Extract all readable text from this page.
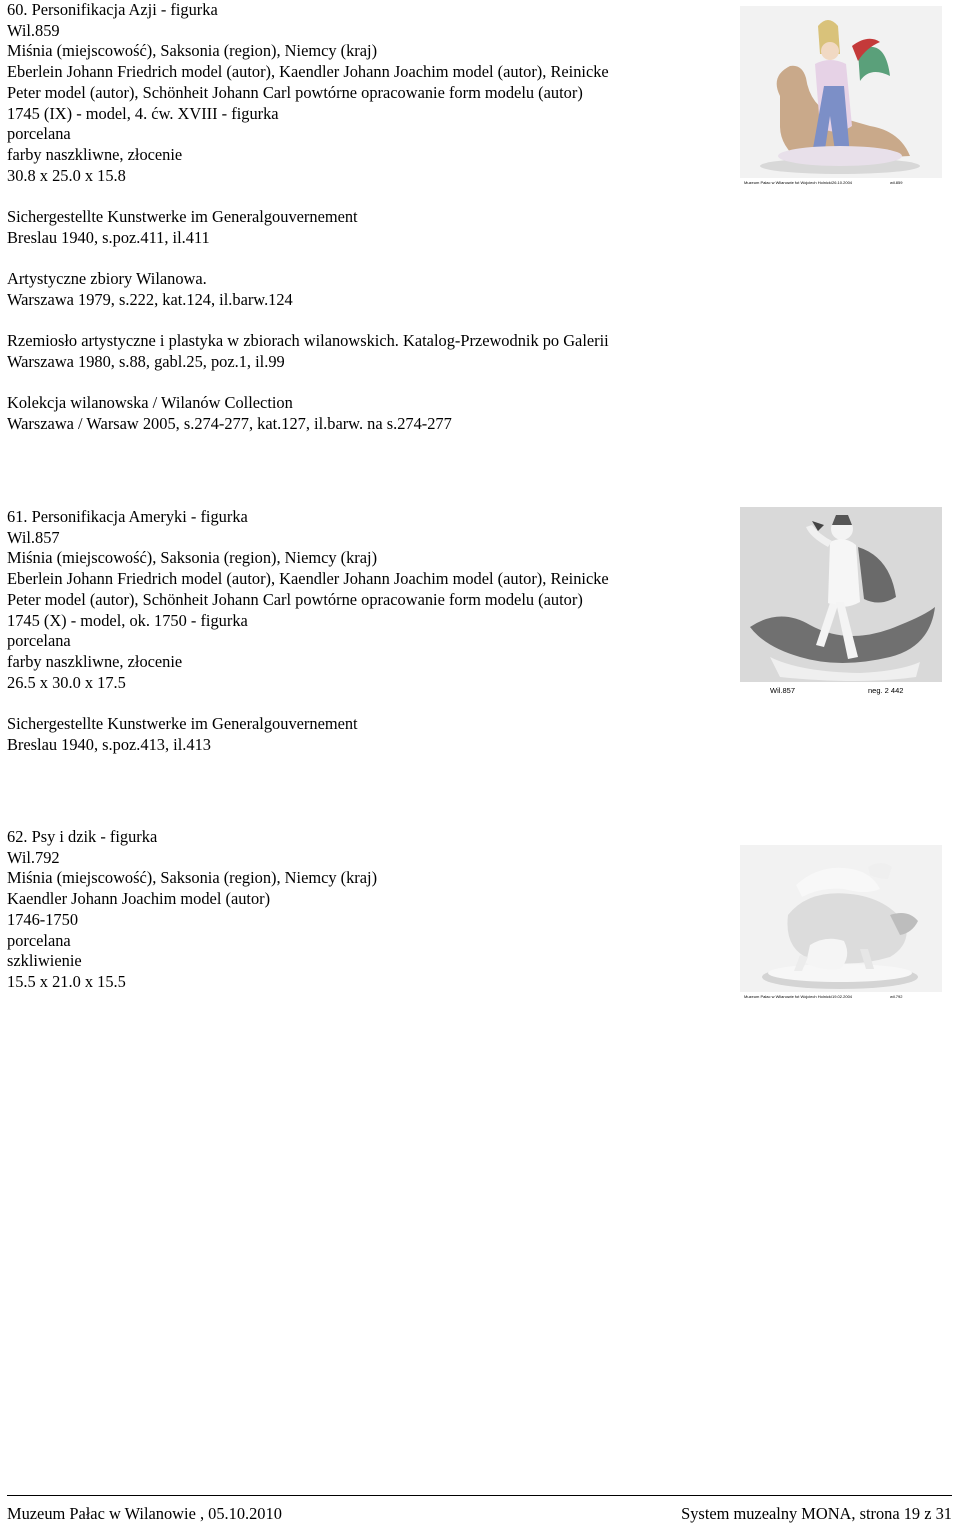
60. Personifikacja Azji - figurka
Wil.859
Miśnia (miejscowość), Saksonia (region), Niemcy (kraj)
Eberlein Johann Friedrich model (autor), Kaendler Johann Joachim model (autor), Reinicke
Peter model (autor), Schönheit Johann Carl powtórne opracowanie form modelu (autor)
1745 (IX) - model, 4. ćw. XVIII - figurka
porcelana
farby naszkliwne, złocenie
30.8 x 25.0 x 15.8
Sichergestellte Kunstwerke im Generalgouvernement
Breslau 1940, s.poz.411, il.411
Artystyczne zbiory Wilanowa.
Warszawa 1979, s.222, kat.124, il.barw.124
Rzemiosło artystyczne i plastyka w zbiorach wilanowskich. Katalog-Przewodnik po Galerii
Warszawa 1980, s.88, gabl.25, poz.1, il.99
Kolekcja wilanowska / Wilanów Collection
Warszawa / Warsaw 2005, s.274-277, kat.127, il.barw. na s.274-277
Muzeum Pałac w Wilanowie fot Wojciech Holnicki 26.10.2004	wil.859
61. Personifikacja Ameryki - figurka
Wil.857
Miśnia (miejscowość), Saksonia (region), Niemcy (kraj)
Eberlein Johann Friedrich model (autor), Kaendler Johann Joachim model (autor), Reinicke
Peter model (autor), Schönheit Johann Carl powtórne opracowanie form modelu (autor)
1745 (X) - model, ok. 1750 - figurka
porcelana
farby naszkliwne, złocenie
26.5 x 30.0 x 17.5
Sichergestellte Kunstwerke im Generalgouvernement
Breslau 1940, s.poz.413, il.413
Wil.857	neg. 2 442
62. Psy i dzik - figurka
Wil.792
Miśnia (miejscowość), Saksonia (region), Niemcy (kraj)
Kaendler Johann Joachim model (autor)
1746-1750
porcelana
szkliwienie
15.5 x 21.0 x 15.5
Muzeum Pałac w Wilanowie fot Wojciech Holnicki 19.02.2004	wil.792
Muzeum Pałac w Wilanowie , 05.10.2010	System muzealny MONA, strona 19 z 31
